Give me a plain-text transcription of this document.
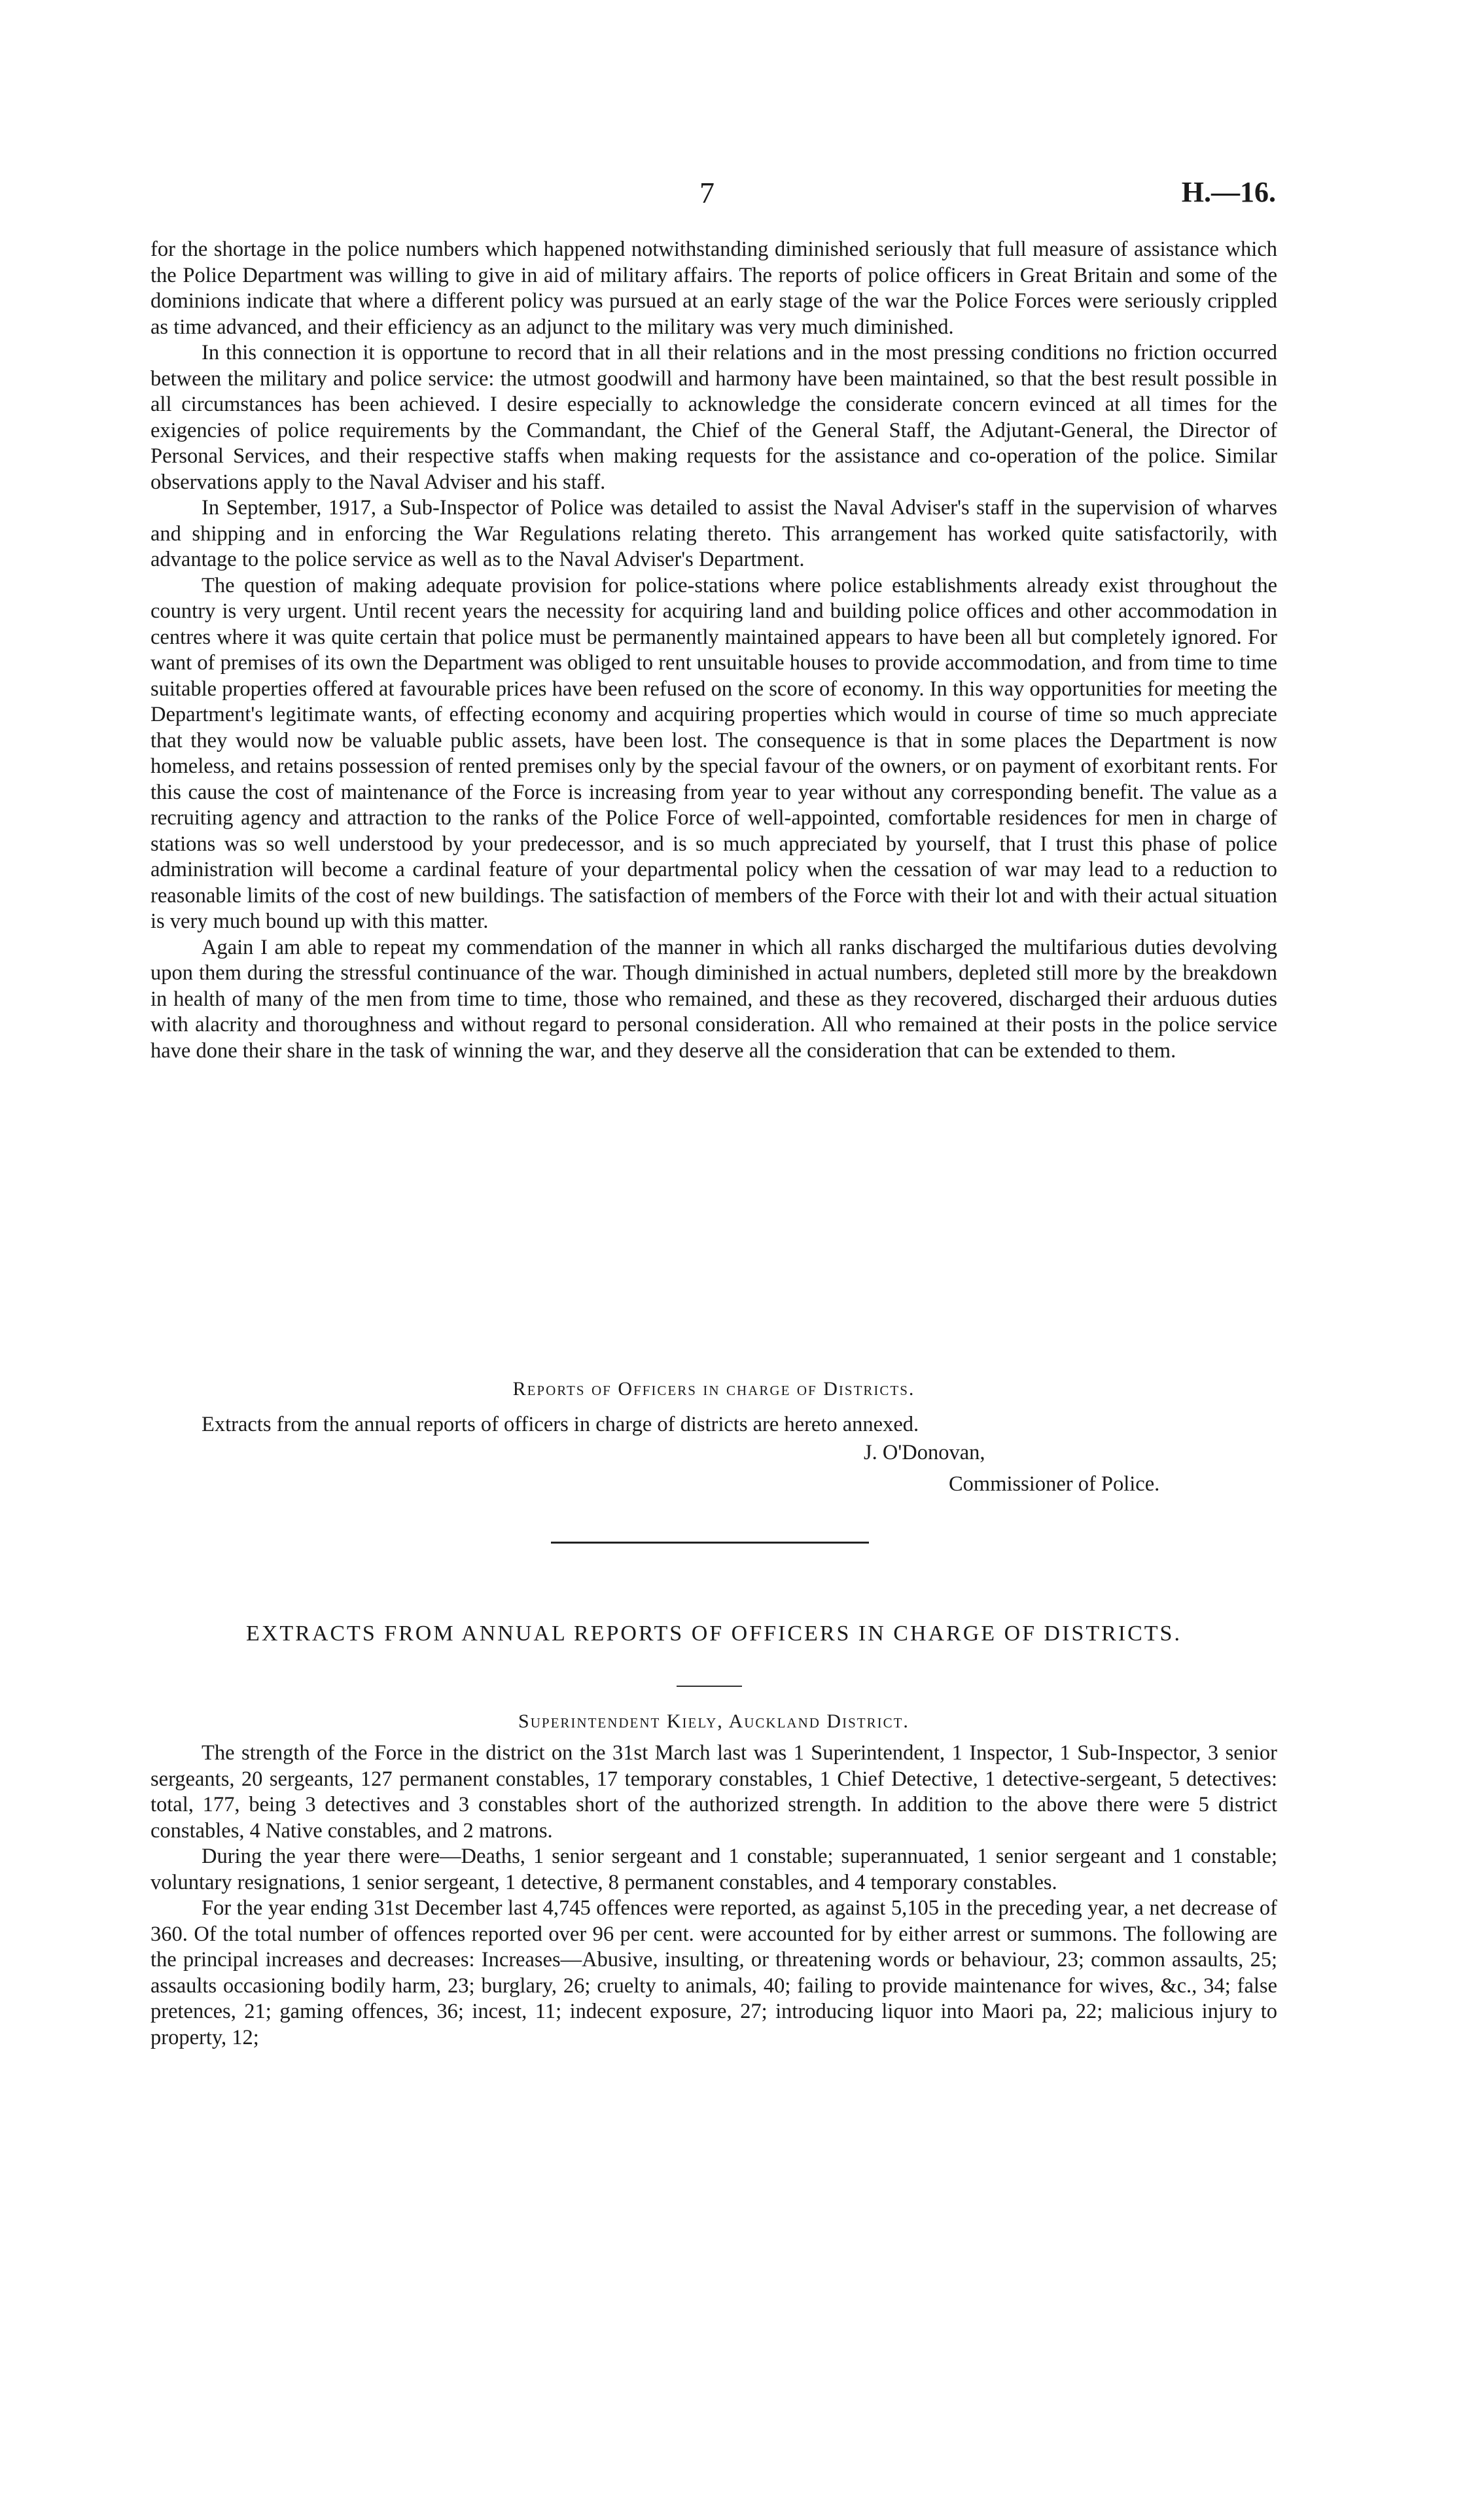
7	H.—16.

for the shortage in the police numbers which happened notwithstanding diminished seriously that full measure of assistance which the Police Department was willing to give in aid of military affairs. The reports of police officers in Great Britain and some of the dominions indicate that where a different policy was pursued at an early stage of the war the Police Forces were seriously crippled as time advanced, and their efficiency as an adjunct to the military was very much diminished.

In this connection it is opportune to record that in all their relations and in the most pressing conditions no friction occurred between the military and police service: the utmost goodwill and harmony have been maintained, so that the best result possible in all circumstances has been achieved. I desire especially to acknowledge the considerate concern evinced at all times for the exigencies of police requirements by the Commandant, the Chief of the General Staff, the Adjutant-General, the Director of Personal Services, and their respective staffs when making requests for the assistance and co-operation of the police. Similar observations apply to the Naval Adviser and his staff.

In September, 1917, a Sub-Inspector of Police was detailed to assist the Naval Adviser's staff in the supervision of wharves and shipping and in enforcing the War Regulations relating thereto. This arrangement has worked quite satisfactorily, with advantage to the police service as well as to the Naval Adviser's Department.

The question of making adequate provision for police-stations where police establishments already exist throughout the country is very urgent. Until recent years the necessity for acquiring land and building police offices and other accommodation in centres where it was quite certain that police must be permanently maintained appears to have been all but completely ignored. For want of premises of its own the Department was obliged to rent unsuitable houses to provide accommodation, and from time to time suitable properties offered at favourable prices have been refused on the score of economy. In this way opportunities for meeting the Department's legitimate wants, of effecting economy and acquiring properties which would in course of time so much appreciate that they would now be valuable public assets, have been lost. The consequence is that in some places the Department is now homeless, and retains possession of rented premises only by the special favour of the owners, or on payment of exorbitant rents. For this cause the cost of maintenance of the Force is increasing from year to year without any corresponding benefit. The value as a recruiting agency and attraction to the ranks of the Police Force of well-appointed, comfortable residences for men in charge of stations was so well understood by your predecessor, and is so much appreciated by yourself, that I trust this phase of police administration will become a cardinal feature of your departmental policy when the cessation of war may lead to a reduction to reasonable limits of the cost of new buildings. The satisfaction of members of the Force with their lot and with their actual situation is very much bound up with this matter.

Again I am able to repeat my commendation of the manner in which all ranks discharged the multifarious duties devolving upon them during the stressful continuance of the war. Though diminished in actual numbers, depleted still more by the breakdown in health of many of the men from time to time, those who remained, and these as they recovered, discharged their arduous duties with alacrity and thoroughness and without regard to personal consideration. All who remained at their posts in the police service have done their share in the task of winning the war, and they deserve all the consideration that can be extended to them.

Reports of Officers in charge of Districts.

Extracts from the annual reports of officers in charge of districts are hereto annexed.

J. O'Donovan,
Commissioner of Police.

EXTRACTS FROM ANNUAL REPORTS OF OFFICERS IN CHARGE OF DISTRICTS.

Superintendent Kiely, Auckland District.

The strength of the Force in the district on the 31st March last was 1 Superintendent, 1 Inspector, 1 Sub-Inspector, 3 senior sergeants, 20 sergeants, 127 permanent constables, 17 temporary constables, 1 Chief Detective, 1 detective-sergeant, 5 detectives: total, 177, being 3 detectives and 3 constables short of the authorized strength. In addition to the above there were 5 district constables, 4 Native constables, and 2 matrons.

During the year there were—Deaths, 1 senior sergeant and 1 constable; superannuated, 1 senior sergeant and 1 constable; voluntary resignations, 1 senior sergeant, 1 detective, 8 permanent constables, and 4 temporary constables.

For the year ending 31st December last 4,745 offences were reported, as against 5,105 in the preceding year, a net decrease of 360. Of the total number of offences reported over 96 per cent. were accounted for by either arrest or summons. The following are the principal increases and decreases: Increases—Abusive, insulting, or threatening words or behaviour, 23; common assaults, 25; assaults occasioning bodily harm, 23; burglary, 26; cruelty to animals, 40; failing to provide maintenance for wives, &c., 34; false pretences, 21; gaming offences, 36; incest, 11; indecent exposure, 27; introducing liquor into Maori pa, 22; malicious injury to property, 12;
